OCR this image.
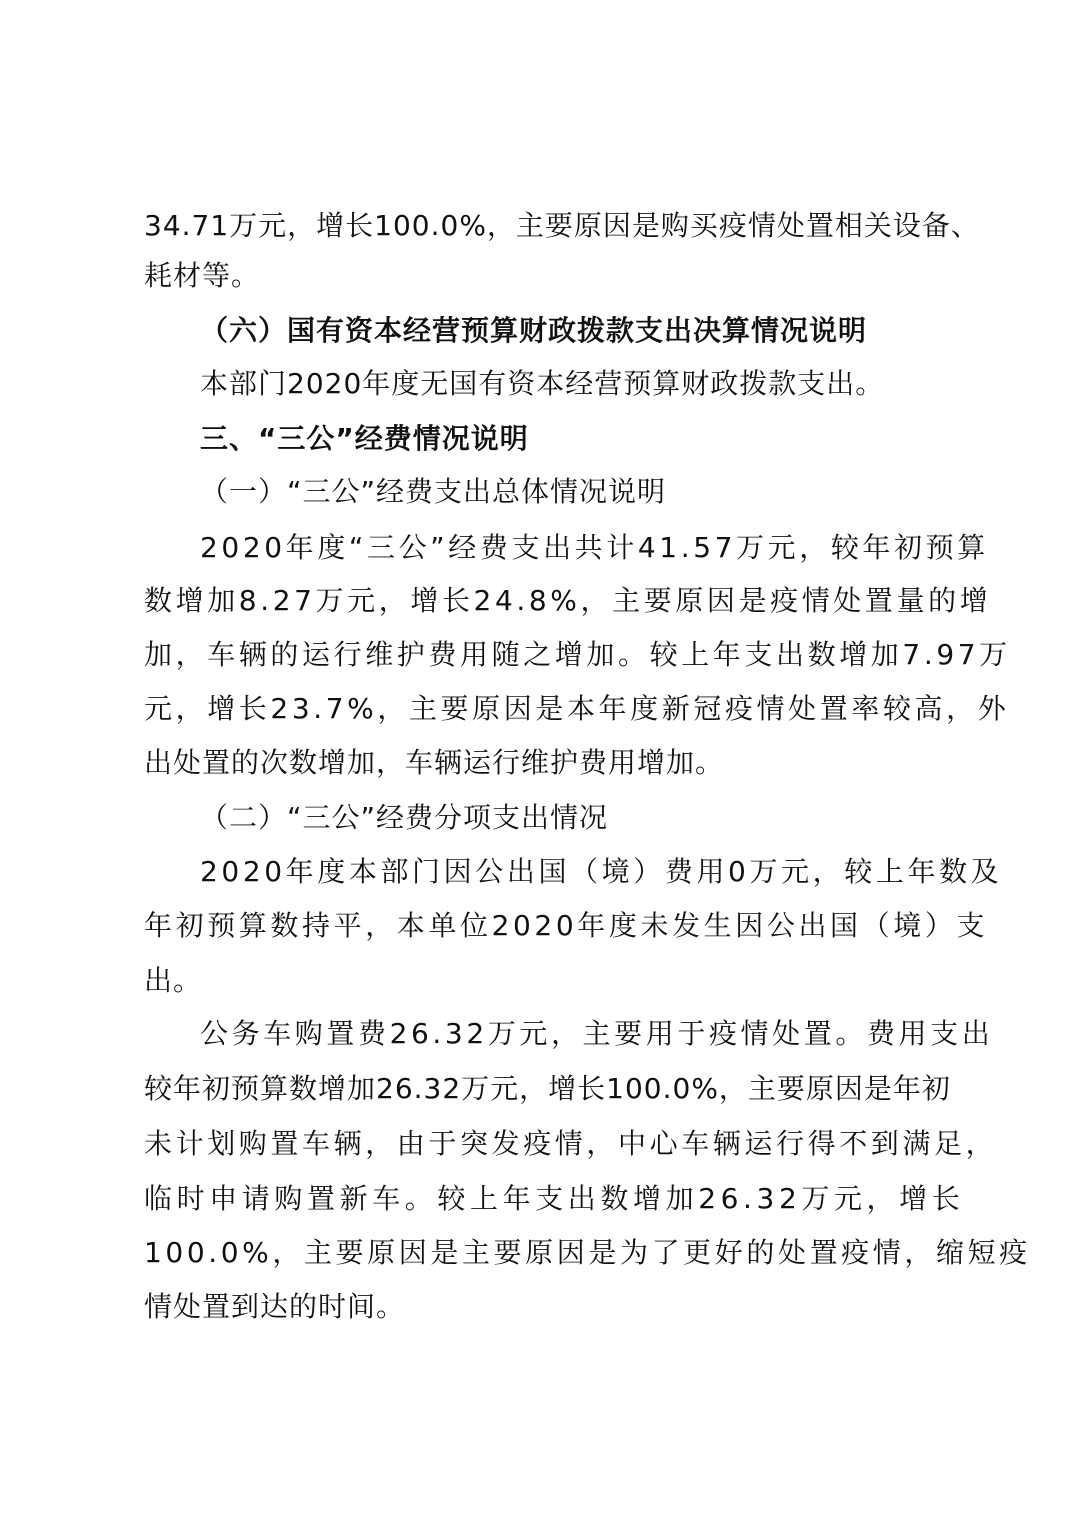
34.71万元，增长100.0%，主要原因是购买疫情处置相关设备、
耗材等。
（六）国有资本经营预算财政拨款支出决算情况说明
本部门2020年度无国有资本经营预算财政拨款支出。
三、“三公”经费情况说明
（一）“三公”经费支出总体情况说明
2020年度“三公”经费支出共计41.57万元，较年初预算
数增加8.27万元，增长24.8%，主要原因是疫情处置量的增
加，车辆的运行维护费用随之增加。较上年支出数增加7.97万
元，增长23.7%，主要原因是本年度新冠疫情处置率较高，外
出处置的次数增加，车辆运行维护费用增加。
（二）“三公”经费分项支出情况
2020年度本部门因公出国（境）费用0万元，较上年数及
年初预算数持平，本单位2020年度未发生因公出国（境）支
出。
公务车购置费26.32万元，主要用于疫情处置。费用支出
较年初预算数增加26.32万元，增长100.0%，主要原因是年初
未计划购置车辆，由于突发疫情，中心车辆运行得不到满足，
临时申请购置新车。较上年支出数增加26.32万元，增长
100.0%，主要原因是主要原因是为了更好的处置疫情，缩短疫
情处置到达的时间。
